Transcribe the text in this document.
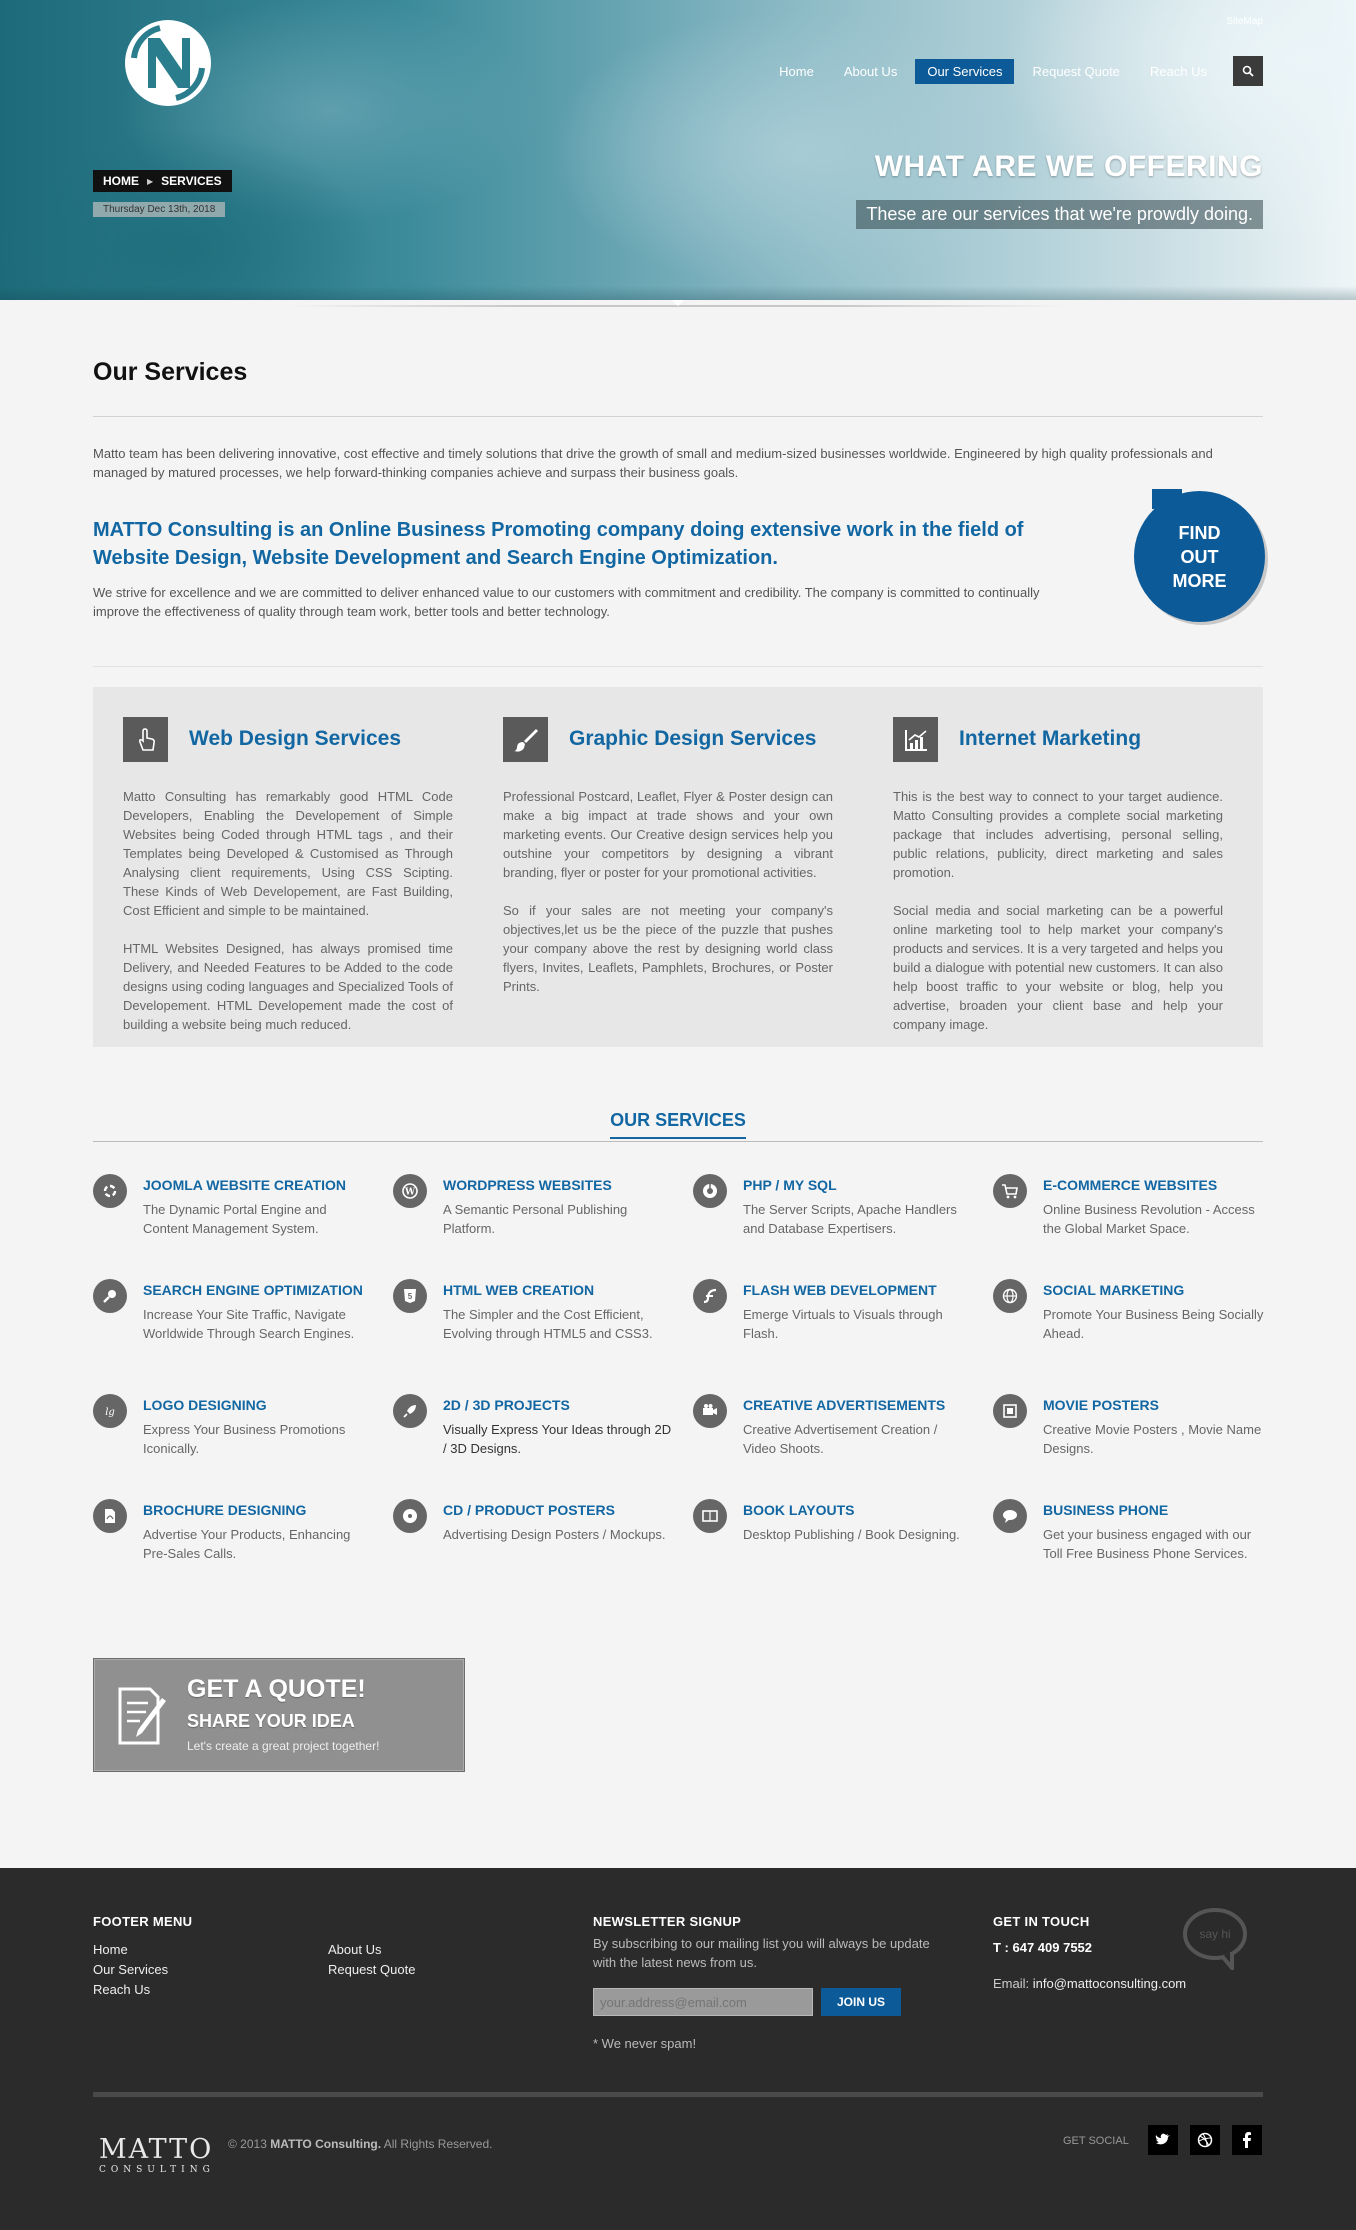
SiteMap
Home	About Us	Our Services	Request Quote	Reach Us
HOME ▶ SERVICES
Thursday Dec 13th, 2018
WHAT ARE WE OFFERING
These are our services that we're prowdly doing.
Our Services

Matto team has been delivering innovative, cost effective and timely solutions that drive the growth of small and medium-sized businesses worldwide. Engineered by high quality professionals and managed by matured processes, we help forward-thinking companies achieve and surpass their business goals.

MATTO Consulting is an Online Business Promoting company doing extensive work in the field of Website Design, Website Development and Search Engine Optimization.

We strive for excellence and we are committed to deliver enhanced value to our customers with commitment and credibility. The company is committed to continually improve the effectiveness of quality through team work, better tools and better technology.

FIND OUT MORE
Web Design Services

Matto Consulting has remarkably good HTML Code Developers, Enabling the Developement of Simple Websites being Coded through HTML tags , and their Templates being Developed & Customised as Through Analysing client requirements, Using CSS Scipting. These Kinds of Web Developement, are Fast Building, Cost Efficient and simple to be maintained.

HTML Websites Designed, has always promised time Delivery, and Needed Features to be Added to the code designs using coding languages and Specialized Tools of Developement. HTML Developement made the cost of building a website being much reduced.

Graphic Design Services

Professional Postcard, Leaflet, Flyer & Poster design can make a big impact at trade shows and your own marketing events. Our Creative design services help you outshine your competitors by designing a vibrant branding, flyer or poster for your promotional activities.

So if your sales are not meeting your company's objectives,let us be the piece of the puzzle that pushes your company above the rest by designing world class flyers, Invites, Leaflets, Pamphlets, Brochures, or Poster Prints.

Internet Marketing

This is the best way to connect to your target audience. Matto Consulting provides a complete social marketing package that includes advertising, personal selling, public relations, publicity, direct marketing and sales promotion.

Social media and social marketing can be a powerful online marketing tool to help market your company's products and services. It is a very targeted and helps you build a dialogue with potential new customers. It can also help boost traffic to your website or blog, help you advertise, broaden your client base and help your company image.

OUR SERVICES
JOOMLA WEBSITE CREATION

The Dynamic Portal Engine and Content Management System.

W WORDPRESS WEBSITES

A Semantic Personal Publishing Platform.

PHP / MY SQL

The Server Scripts, Apache Handlers and Database Expertisers.

E-COMMERCE WEBSITES

Online Business Revolution - Access the Global Market Space.

SEARCH ENGINE OPTIMIZATION

Increase Your Site Traffic, Navigate Worldwide Through Search Engines.

5 HTML WEB CREATION

The Simpler and the Cost Efficient, Evolving through HTML5 and CSS3.

FLASH WEB DEVELOPMENT

Emerge Virtuals to Visuals through Flash.

SOCIAL MARKETING

Promote Your Business Being Socially Ahead.

lg LOGO DESIGNING

Express Your Business Promotions Iconically.

2D / 3D PROJECTS

Visually Express Your Ideas through 2D / 3D Designs.

CREATIVE ADVERTISEMENTS

Creative Advertisement Creation / Video Shoots.

MOVIE POSTERS

Creative Movie Posters , Movie Name Designs.

BROCHURE DESIGNING

Advertise Your Products, Enhancing Pre-Sales Calls.

CD / PRODUCT POSTERS

Advertising Design Posters / Mockups.

BOOK LAYOUTS

Desktop Publishing / Book Designing.

BUSINESS PHONE

Get your business engaged with our Toll Free Business Phone Services.

GET A QUOTE!
SHARE YOUR IDEA
Let's create a great project together!
FOOTER MENU
Home
Our Services
Reach Us
About Us
Request Quote
NEWSLETTER SIGNUP

By subscribing to our mailing list you will always be update with the latest news from us.

your.address@email.com
JOIN US
* We never spam!
GET IN TOUCH
T : 647 409 7552
Email: info@mattoconsulting.com
say hi
MATTO
CONSULTING
© 2013 MATTO Consulting. All Rights Reserved.	GET SOCIAL
